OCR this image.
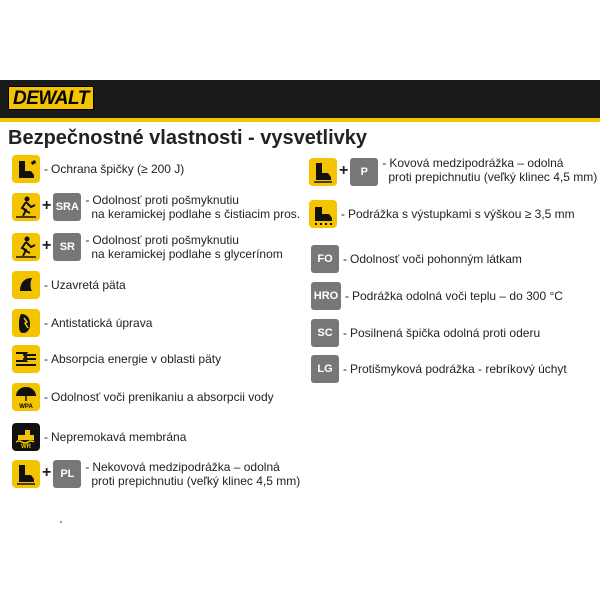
DEWALT
Bezpečnostné vlastnosti - vysvetlivky
- Ochrana špičky (≥ 200 J)
+ SRA - Odolnosť proti pošmyknutiu
na keramickej podlahe s čistiacim pros.
+ SR - Odolnosť proti pošmyknutiu
na keramickej podlahe s glycerínom
- Uzavretá päta
- Antistatická úprava
- Absorpcia energie v oblasti päty
WPA
- Odolnosť voči prenikaniu a absorpcii vody
WR
- Nepremokavá membrána
+ PL - Nekovová medzipodrážka – odolná
proti prepichnutiu (veľký klinec 4,5 mm)
+	P
- Kovová medzipodrážka – odolná
proti prepichnutiu (veľký klinec 4,5 mm)
- Podrážka s výstupkami s výškou ≥ 3,5 mm
FO - Odolnosť voči pohonným látkam
HRO - Podrážka odolná voči teplu – do 300 °C
SC - Posilnená špička odolná proti oderu
LG - Protišmyková podrážka - rebríkový úchyt
